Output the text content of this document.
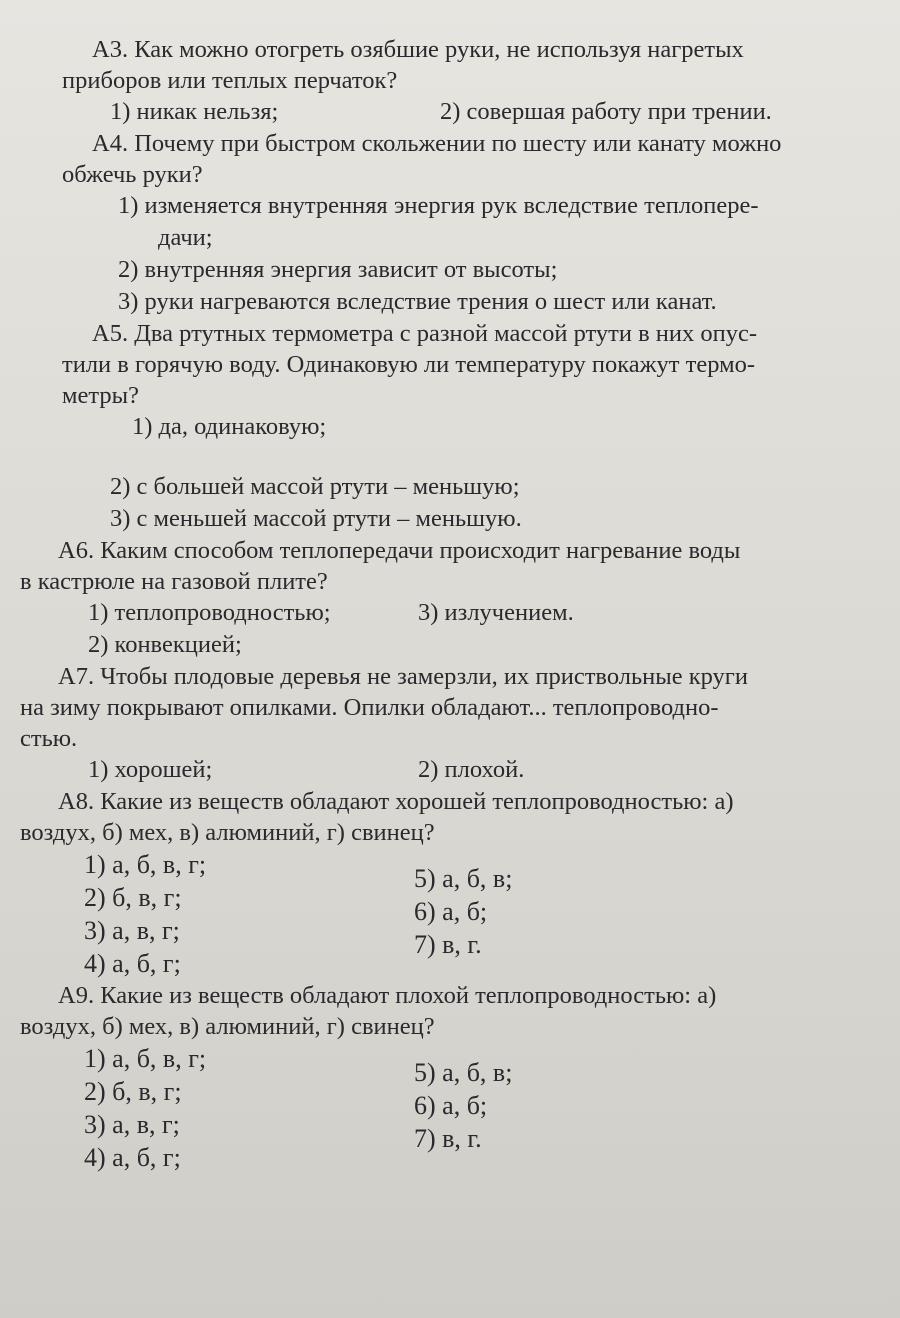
А3. Как можно отогреть озябшие руки, не используя нагретых
приборов или теплых перчаток?
1) никак нельзя;	2) совершая работу при трении.
А4. Почему при быстром скольжении по шесту или канату можно
обжечь руки?
1) изменяется внутренняя энергия рук вследствие теплопере-
дачи;
2) внутренняя энергия зависит от высоты;
3) руки нагреваются вследствие трения о шест или канат.
А5. Два ртутных термометра с разной массой ртути в них опус-
тили в горячую воду. Одинаковую ли температуру покажут термо-
метры?
1) да, одинаковую;
2) с большей массой ртути – меньшую;
3) с меньшей массой ртути – меньшую.
А6. Каким способом теплопередачи происходит нагревание воды
в кастрюле на газовой плите?
1) теплопроводностью;	3) излучением.
2) конвекцией;
А7. Чтобы плодовые деревья не замерзли, их приствольные круги
на зиму покрывают опилками. Опилки обладают... теплопроводно-
стью.
1) хорошей;	2) плохой.
А8. Какие из веществ обладают хорошей теплопроводностью: а)
воздух, б) мех, в) алюминий, г) свинец?
1) а, б, в, г;
2) б, в, г;
3) а, в, г;
4) а, б, г;
5) а, б, в;
6) а, б;
7) в, г.
А9. Какие из веществ обладают плохой теплопроводностью: а)
воздух, б) мех, в) алюминий, г) свинец?
1) а, б, в, г;
2) б, в, г;
3) а, в, г;
4) а, б, г;
5) а, б, в;
6) а, б;
7) в, г.
